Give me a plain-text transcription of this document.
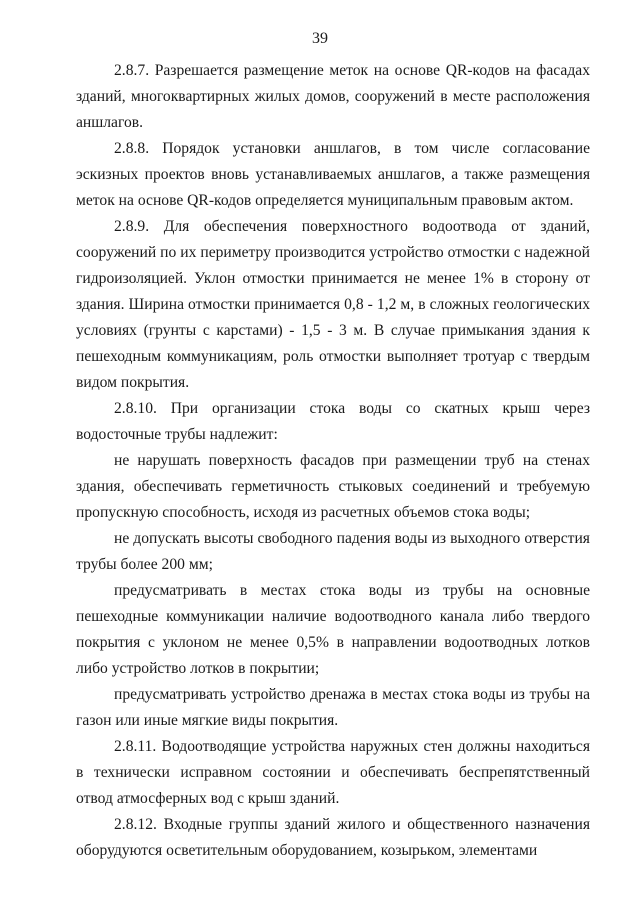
39

2.8.7. Разрешается размещение меток на основе QR-кодов на фасадах зданий, многоквартирных жилых домов, сооружений в месте расположения аншлагов.

2.8.8. Порядок установки аншлагов, в том числе согласование эскизных проектов вновь устанавливаемых аншлагов, а также размещения меток на основе QR-кодов определяется муниципальным правовым актом.

2.8.9. Для обеспечения поверхностного водоотвода от зданий, сооружений по их периметру производится устройство отмостки с надежной гидроизоляцией. Уклон отмостки принимается не менее 1% в сторону от здания. Ширина отмостки принимается 0,8 - 1,2 м, в сложных геологических условиях (грунты с карстами) - 1,5 - 3 м. В случае примыкания здания к пешеходным коммуникациям, роль отмостки выполняет тротуар с твердым видом покрытия.

2.8.10. При организации стока воды со скатных крыш через водосточные трубы надлежит:

не нарушать поверхность фасадов при размещении труб на стенах здания, обеспечивать герметичность стыковых соединений и требуемую пропускную способность, исходя из расчетных объемов стока воды;

не допускать высоты свободного падения воды из выходного отверстия трубы более 200 мм;

предусматривать в местах стока воды из трубы на основные пешеходные коммуникации наличие водоотводного канала либо твердого покрытия с уклоном не менее 0,5% в направлении водоотводных лотков либо устройство лотков в покрытии;

предусматривать устройство дренажа в местах стока воды из трубы на газон или иные мягкие виды покрытия.

2.8.11. Водоотводящие устройства наружных стен должны находиться в технически исправном состоянии и обеспечивать беспрепятственный отвод атмосферных вод с крыш зданий.

2.8.12. Входные группы зданий жилого и общественного назначения оборудуются осветительным оборудованием, козырьком, элементами
